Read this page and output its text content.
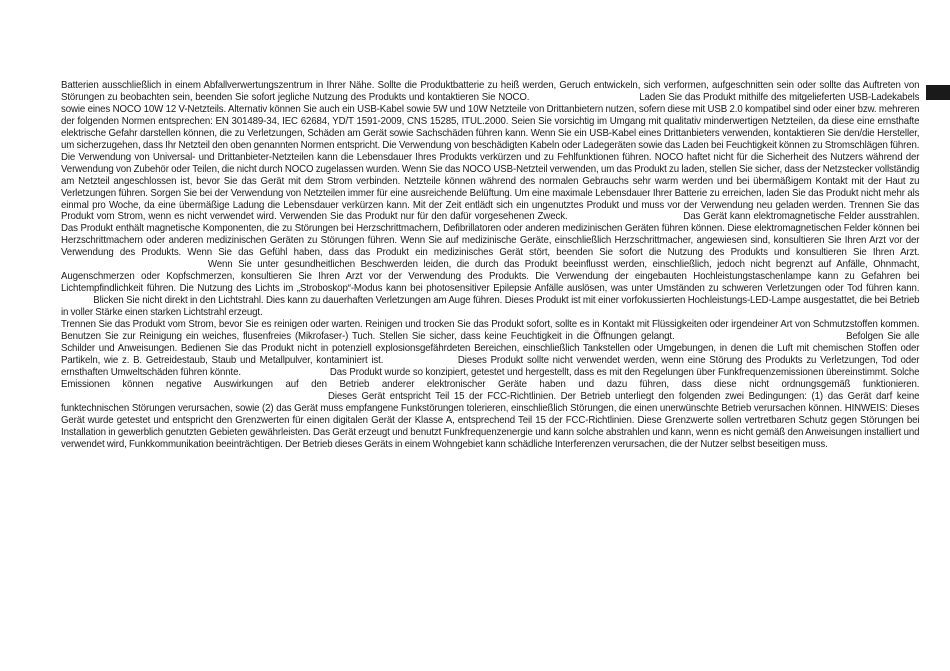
Batterien ausschließlich in einem Abfallverwertungszentrum in Ihrer Nähe. Sollte die Produktbatterie zu heiß werden, Geruch entwickeln, sich verformen, aufgeschnitten sein oder sollte das Auftreten von Störungen zu beobachten sein, beenden Sie sofort jegliche Nutzung des Produkts und kontaktieren Sie NOCO.	Laden Sie das Produkt mithilfe des mitgelieferten USB-Ladekabels sowie eines NOCO 10W 12 V-Netzteils. Alternativ können Sie auch ein USB-Kabel sowie 5W und 10W Netzteile von Drittanbietern nutzen, sofern diese mit USB 2.0 kompatibel sind oder einer bzw. mehreren der folgenden Normen entsprechen: EN 301489-34, IEC 62684, YD/T 1591-2009, CNS 15285, ITUL.2000. Seien Sie vorsichtig im Umgang mit qualitativ minderwertigen Netzteilen, da diese eine ernsthafte elektrische Gefahr darstellen können, die zu Verletzungen, Schäden am Gerät sowie Sachschäden führen kann. Wenn Sie ein USB-Kabel eines Drittanbieters verwenden, kontaktieren Sie den/die Hersteller, um sicherzugehen, dass Ihr Netzteil den oben genannten Normen entspricht. Die Verwendung von beschädigten Kabeln oder Ladegeräten sowie das Laden bei Feuchtigkeit können zu Stromschlägen führen. Die Verwendung von Universal- und Drittanbieter-Netzteilen kann die Lebensdauer Ihres Produkts verkürzen und zu Fehlfunktionen führen. NOCO haftet nicht für die Sicherheit des Nutzers während der Verwendung von Zubehör oder Teilen, die nicht durch NOCO zugelassen wurden. Wenn Sie das NOCO USB-Netzteil verwenden, um das Produkt zu laden, stellen Sie sicher, dass der Netzstecker vollständig am Netzteil angeschlossen ist, bevor Sie das Gerät mit dem Strom verbinden. Netzteile können während des normalen Gebrauchs sehr warm werden und bei übermäßigem Kontakt mit der Haut zu Verletzungen führen. Sorgen Sie bei der Verwendung von Netzteilen immer für eine ausreichende Belüftung. Um eine maximale Lebensdauer Ihrer Batterie zu erreichen, laden Sie das Produkt nicht mehr als einmal pro Woche, da eine übermäßige Ladung die Lebensdauer verkürzen kann. Mit der Zeit entlädt sich ein ungenutztes Produkt und muss vor der Verwendung neu geladen werden. Trennen Sie das Produkt vom Strom, wenn es nicht verwendet wird. Verwenden Sie das Produkt nur für den dafür vorgesehenen Zweck.	Das Gerät kann elektromagnetische Felder ausstrahlen. Das Produkt enthält magnetische Komponenten, die zu Störungen bei Herzschrittmachern, Defibrillatoren oder anderen medizinischen Geräten führen können. Diese elektromagnetischen Felder können bei Herzschrittmachern oder anderen medizinischen Geräten zu Störungen führen. Wenn Sie auf medizinische Geräte, einschließlich Herzschrittmacher, angewiesen sind, konsultieren Sie Ihren Arzt vor der Verwendung des Produkts. Wenn Sie das Gefühl haben, dass das Produkt ein medizinisches Gerät stört, beenden Sie sofort die Nutzung des Produkts und konsultieren Sie Ihren Arzt.  Wenn Sie unter gesundheitlichen Beschwerden leiden, die durch das Produkt beeinflusst werden, einschließlich, jedoch nicht begrenzt auf Anfälle, Ohnmacht, Augenschmerzen oder Kopfschmerzen, konsultieren Sie Ihren Arzt vor der Verwendung des Produkts. Die Verwendung der eingebauten Hochleistungstaschenlampe kann zu Gefahren bei Lichtempfindlichkeit führen. Die Nutzung des Lichts im „Stroboskop“-Modus kann bei photosensitiver Epilepsie Anfälle auslösen, was unter Umständen zu schweren Verletzungen oder Tod führen kann.  Blicken Sie nicht direkt in den Lichtstrahl. Dies kann zu dauerhaften Verletzungen am Auge führen. Dieses Produkt ist mit einer vorfokussierten Hochleistungs-LED-Lampe ausgestattet, die bei Betrieb in voller Stärke einen starken Lichtstrahl erzeugt.

Trennen Sie das Produkt vom Strom, bevor Sie es reinigen oder warten. Reinigen und trocken Sie das Produkt sofort, sollte es in Kontakt mit Flüssigkeiten oder irgendeiner Art von Schmutzstoffen kommen. Benutzen Sie zur Reinigung ein weiches, flusenfreies (Mikrofaser-) Tuch. Stellen Sie sicher, dass keine Feuchtigkeit in die Öffnungen gelangt.	Befolgen Sie alle Schilder und Anweisungen. Bedienen Sie das Produkt nicht in potenziell explosionsgefährdeten Bereichen, einschließlich Tankstellen oder Umgebungen, in denen die Luft mit chemischen Stoffen oder Partikeln, wie z. B. Getreidestaub, Staub und Metallpulver, kontaminiert ist.	Dieses Produkt sollte nicht verwendet werden, wenn eine Störung des Produkts zu Verletzungen, Tod oder ernsthaften Umweltschäden führen könnte.	Das Produkt wurde so konzipiert, getestet und hergestellt, dass es mit den Regelungen über Funkfrequenzemissionen übereinstimmt. Solche Emissionen können negative Auswirkungen auf den Betrieb anderer elektronischer Geräte haben und dazu führen, dass diese nicht ordnungsgemäß funktionieren.  Dieses Gerät entspricht Teil 15 der FCC-Richtlinien. Der Betrieb unterliegt den folgenden zwei Bedingungen: (1) das Gerät darf keine funktechnischen Störungen verursachen, sowie (2) das Gerät muss empfangene Funkstörungen tolerieren, einschließlich Störungen, die einen unerwünschte Betrieb verursachen können. HINWEIS: Dieses Gerät wurde getestet und entspricht den Grenzwerten für einen digitalen Gerät der Klasse A, entsprechend Teil 15 der FCC-Richtlinien. Diese Grenzwerte sollen vertretbaren Schutz gegen Störungen bei Installation in gewerblich genutzten Gebieten gewährleisten. Das Gerät erzeugt und benutzt Funkfrequenzenergie und kann solche abstrahlen und kann, wenn es nicht gemäß den Anweisungen installiert und verwendet wird, Funkkommunikation beeinträchtigen. Der Betrieb dieses Geräts in einem Wohngebiet kann schädliche Interferenzen verursachen, die der Nutzer selbst beseitigen muss.
